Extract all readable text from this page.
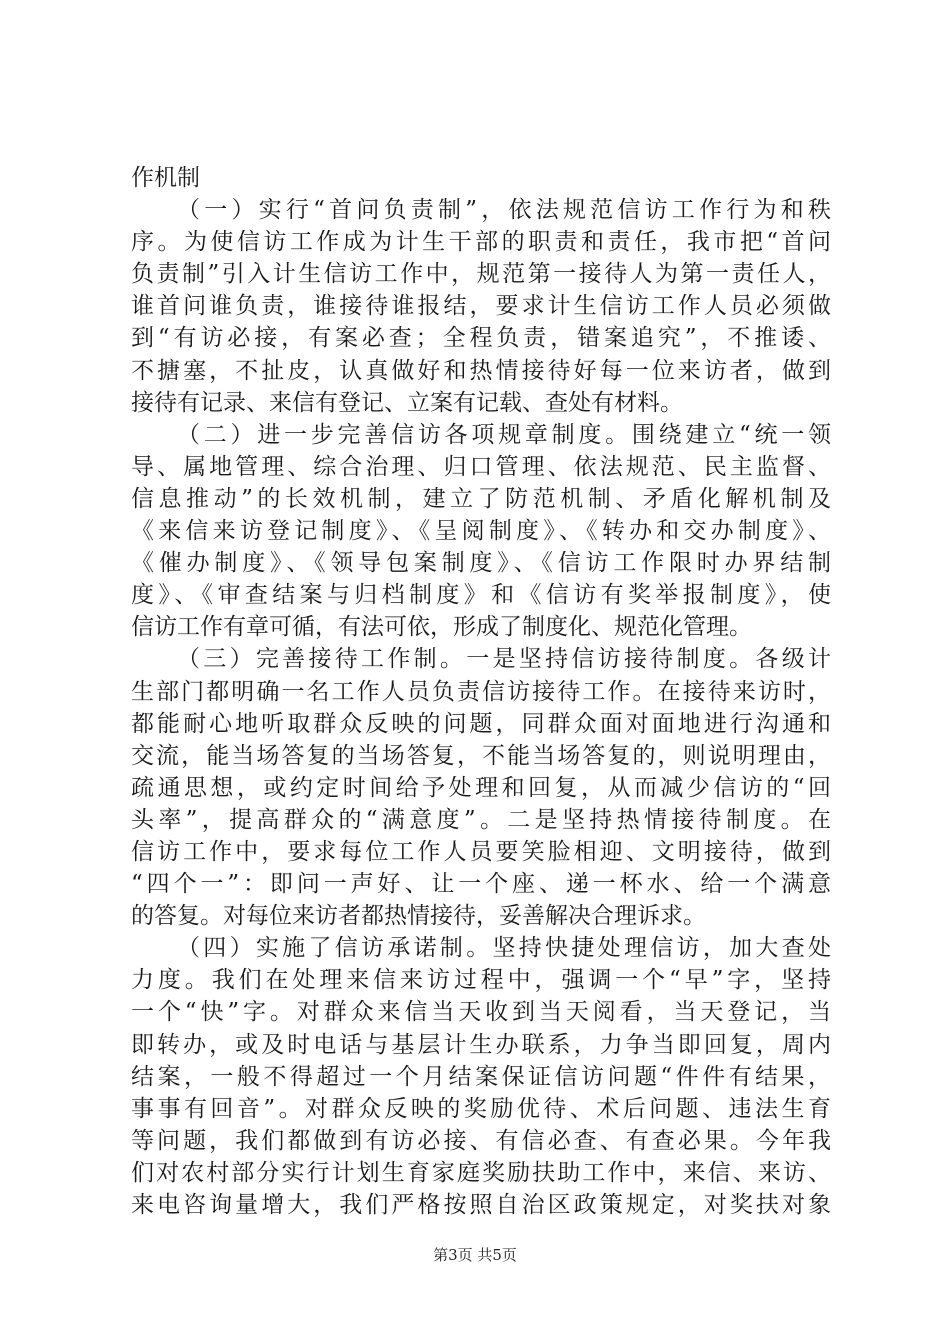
作机制
（一）实行“首问负责制”，依法规范信访工作行为和秩
序。为使信访工作成为计生干部的职责和责任，我市把“首问
负责制”引入计生信访工作中，规范第一接待人为第一责任人，
谁首问谁负责，谁接待谁报结，要求计生信访工作人员必须做
到“有访必接，有案必查；全程负责，错案追究”，不推诿、
不搪塞，不扯皮，认真做好和热情接待好每一位来访者，做到
接待有记录、来信有登记、立案有记载、查处有材料。
（二）进一步完善信访各项规章制度。围绕建立“统一领
导、属地管理、综合治理、归口管理、依法规范、民主监督、
信息推动”的长效机制，建立了防范机制、矛盾化解机制及
《来信来访登记制度》、《呈阅制度》、《转办和交办制度》、
《催办制度》、《领导包案制度》、《信访工作限时办界结制
度》、《审查结案与归档制度》和《信访有奖举报制度》，使
信访工作有章可循，有法可依，形成了制度化、规范化管理。
（三）完善接待工作制。一是坚持信访接待制度。各级计
生部门都明确一名工作人员负责信访接待工作。在接待来访时，
都能耐心地听取群众反映的问题，同群众面对面地进行沟通和
交流，能当场答复的当场答复，不能当场答复的，则说明理由，
疏通思想，或约定时间给予处理和回复，从而减少信访的“回
头率”，提高群众的“满意度”。二是坚持热情接待制度。在
信访工作中，要求每位工作人员要笑脸相迎、文明接待，做到
“四个一”：即问一声好、让一个座、递一杯水、给一个满意
的答复。对每位来访者都热情接待，妥善解决合理诉求。
（四）实施了信访承诺制。坚持快捷处理信访，加大查处
力度。我们在处理来信来访过程中，强调一个“早”字，坚持
一个“快”字。对群众来信当天收到当天阅看，当天登记，当
即转办，或及时电话与基层计生办联系，力争当即回复，周内
结案，一般不得超过一个月结案保证信访问题“件件有结果，
事事有回音”。对群众反映的奖励优待、术后问题、违法生育
等问题，我们都做到有访必接、有信必查、有查必果。今年我
们对农村部分实行计划生育家庭奖励扶助工作中，来信、来访、
来电咨询量增大，我们严格按照自治区政策规定，对奖扶对象
第3页 共5页
